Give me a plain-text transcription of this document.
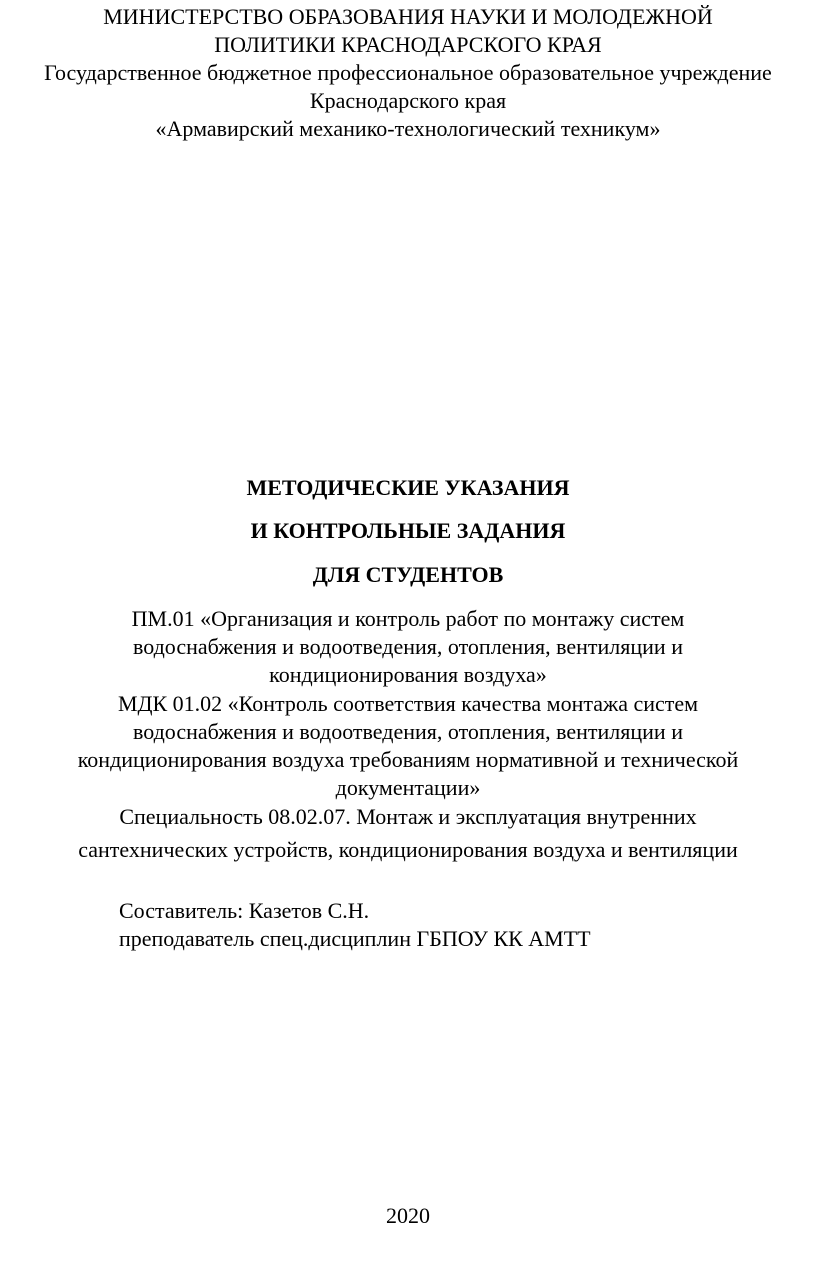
МИНИСТЕРСТВО ОБРАЗОВАНИЯ НАУКИ И МОЛОДЕЖНОЙ
ПОЛИТИКИ КРАСНОДАРСКОГО КРАЯ
Государственное бюджетное профессиональное образовательное учреждение
Краснодарского края
«Армавирский механико-технологический техникум»
МЕТОДИЧЕСКИЕ УКАЗАНИЯ
И КОНТРОЛЬНЫЕ ЗАДАНИЯ
ДЛЯ СТУДЕНТОВ
ПМ.01 «Организация и контроль работ по монтажу систем
водоснабжения и водоотведения, отопления, вентиляции и
кондиционирования воздуха»
МДК 01.02 «Контроль соответствия качества монтажа систем
водоснабжения и водоотведения, отопления, вентиляции и
кондиционирования воздуха требованиям нормативной и технической
документации»
Специальность 08.02.07. Монтаж и эксплуатация внутренних
сантехнических устройств, кондиционирования воздуха и вентиляции
Составитель: Казетов С.Н.
преподаватель спец.дисциплин ГБПОУ КК АМТТ
2020
